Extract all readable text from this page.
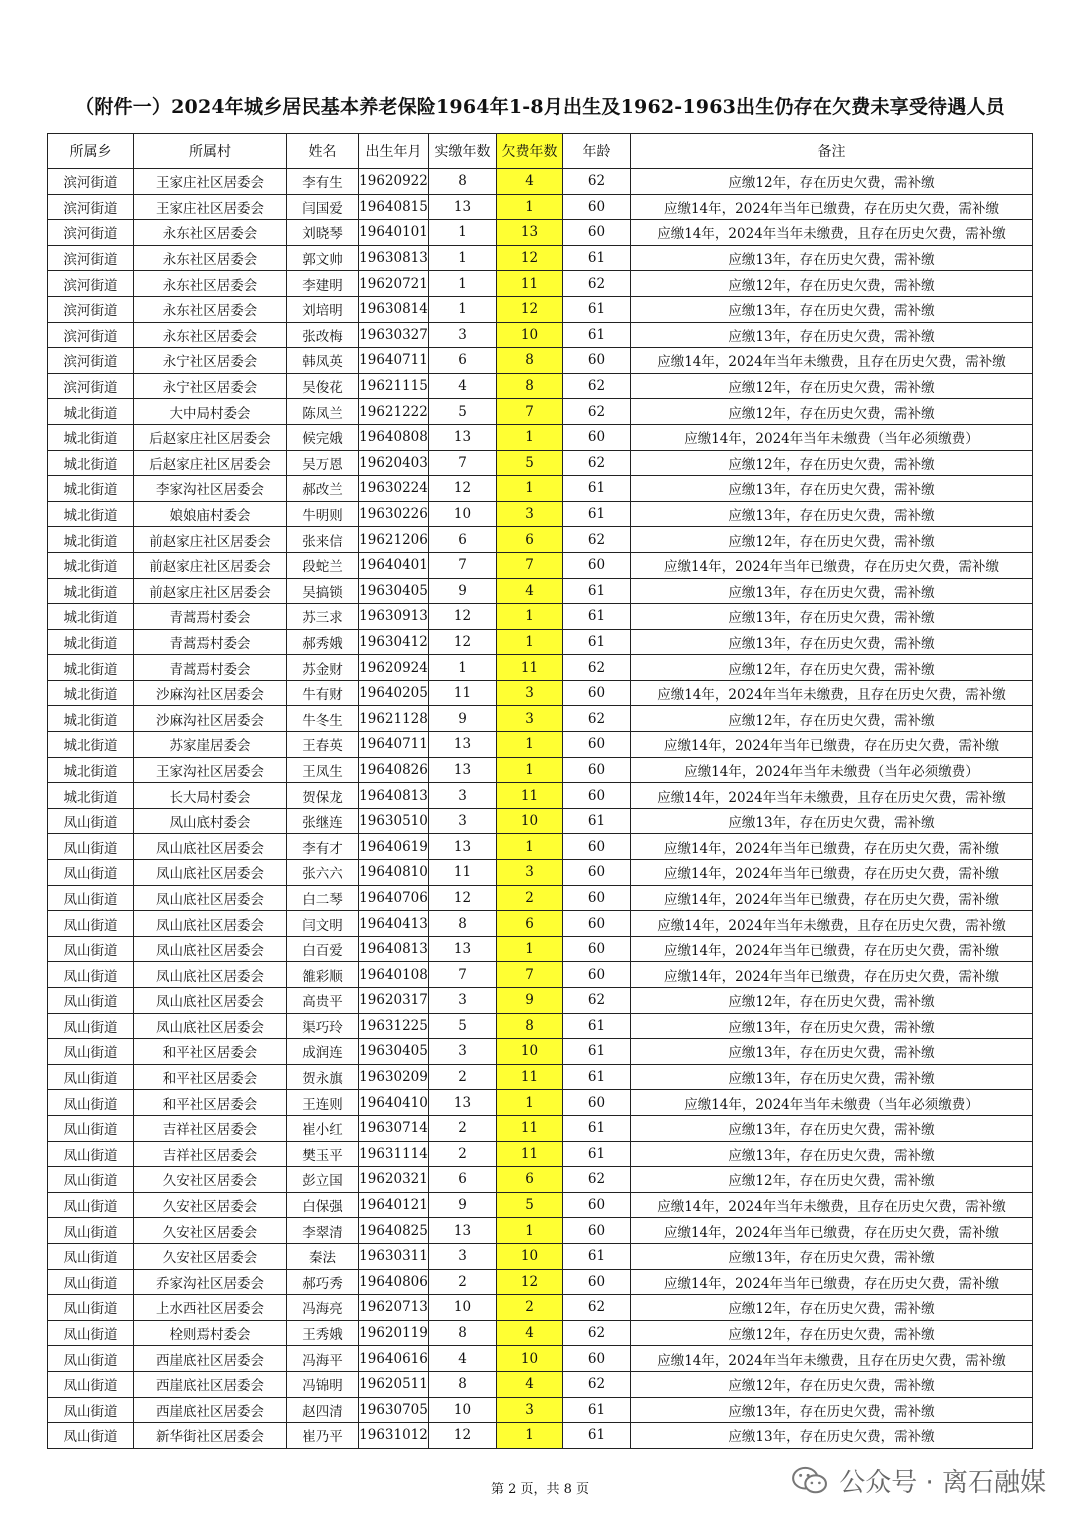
（附件一）2024年城乡居民基本养老保险1964年1-8月出生及1962-1963出生仍存在欠费未享受待遇人员
所属乡	所属村	姓名	出生年月	实缴年数	欠费年数	年龄	备注
滨河街道	王家庄社区居委会	李有生	19620922	8	4	62	应缴12年，存在历史欠费，需补缴
滨河街道	王家庄社区居委会	闫国爱	19640815	13	1	60	应缴14年，2024年当年已缴费，存在历史欠费，需补缴
滨河街道	永东社区居委会	刘晓琴	19640101	1	13	60	应缴14年，2024年当年未缴费，且存在历史欠费，需补缴
滨河街道	永东社区居委会	郭文帅	19630813	1	12	61	应缴13年，存在历史欠费，需补缴
滨河街道	永东社区居委会	李建明	19620721	1	11	62	应缴12年，存在历史欠费，需补缴
滨河街道	永东社区居委会	刘培明	19630814	1	12	61	应缴13年，存在历史欠费，需补缴
滨河街道	永东社区居委会	张改梅	19630327	3	10	61	应缴13年，存在历史欠费，需补缴
滨河街道	永宁社区居委会	韩凤英	19640711	6	8	60	应缴14年，2024年当年未缴费，且存在历史欠费，需补缴
滨河街道	永宁社区居委会	吴俊花	19621115	4	8	62	应缴12年，存在历史欠费，需补缴
城北街道	大中局村委会	陈凤兰	19621222	5	7	62	应缴12年，存在历史欠费，需补缴
城北街道	后赵家庄社区居委会	候完娥	19640808	13	1	60	应缴14年，2024年当年未缴费（当年必须缴费）
城北街道	后赵家庄社区居委会	吴万恩	19620403	7	5	62	应缴12年，存在历史欠费，需补缴
城北街道	李家沟社区居委会	郝改兰	19630224	12	1	61	应缴13年，存在历史欠费，需补缴
城北街道	娘娘庙村委会	牛明则	19630226	10	3	61	应缴13年，存在历史欠费，需补缴
城北街道	前赵家庄社区居委会	张来信	19621206	6	6	62	应缴12年，存在历史欠费，需补缴
城北街道	前赵家庄社区居委会	段蛇兰	19640401	7	7	60	应缴14年，2024年当年已缴费，存在历史欠费，需补缴
城北街道	前赵家庄社区居委会	吴搞锁	19630405	9	4	61	应缴13年，存在历史欠费，需补缴
城北街道	青蒿焉村委会	苏三求	19630913	12	1	61	应缴13年，存在历史欠费，需补缴
城北街道	青蒿焉村委会	郝秀娥	19630412	12	1	61	应缴13年，存在历史欠费，需补缴
城北街道	青蒿焉村委会	苏金财	19620924	1	11	62	应缴12年，存在历史欠费，需补缴
城北街道	沙麻沟社区居委会	牛有财	19640205	11	3	60	应缴14年，2024年当年未缴费，且存在历史欠费，需补缴
城北街道	沙麻沟社区居委会	牛冬生	19621128	9	3	62	应缴12年，存在历史欠费，需补缴
城北街道	苏家崖居委会	王春英	19640711	13	1	60	应缴14年，2024年当年已缴费，存在历史欠费，需补缴
城北街道	王家沟社区居委会	王凤生	19640826	13	1	60	应缴14年，2024年当年未缴费（当年必须缴费）
城北街道	长大局村委会	贺保龙	19640813	3	11	60	应缴14年，2024年当年未缴费，且存在历史欠费，需补缴
凤山街道	凤山底村委会	张继连	19630510	3	10	61	应缴13年，存在历史欠费，需补缴
凤山街道	凤山底社区居委会	李有才	19640619	13	1	60	应缴14年，2024年当年已缴费，存在历史欠费，需补缴
凤山街道	凤山底社区居委会	张六六	19640810	11	3	60	应缴14年，2024年当年已缴费，存在历史欠费，需补缴
凤山街道	凤山底社区居委会	白二琴	19640706	12	2	60	应缴14年，2024年当年已缴费，存在历史欠费，需补缴
凤山街道	凤山底社区居委会	闫文明	19640413	8	6	60	应缴14年，2024年当年未缴费，且存在历史欠费，需补缴
凤山街道	凤山底社区居委会	白百爱	19640813	13	1	60	应缴14年，2024年当年已缴费，存在历史欠费，需补缴
凤山街道	凤山底社区居委会	雒彩顺	19640108	7	7	60	应缴14年，2024年当年已缴费，存在历史欠费，需补缴
凤山街道	凤山底社区居委会	高贵平	19620317	3	9	62	应缴12年，存在历史欠费，需补缴
凤山街道	凤山底社区居委会	渠巧玲	19631225	5	8	61	应缴13年，存在历史欠费，需补缴
凤山街道	和平社区居委会	成润连	19630405	3	10	61	应缴13年，存在历史欠费，需补缴
凤山街道	和平社区居委会	贺永旗	19630209	2	11	61	应缴13年，存在历史欠费，需补缴
凤山街道	和平社区居委会	王连则	19640410	13	1	60	应缴14年，2024年当年未缴费（当年必须缴费）
凤山街道	吉祥社区居委会	崔小红	19630714	2	11	61	应缴13年，存在历史欠费，需补缴
凤山街道	吉祥社区居委会	樊玉平	19631114	2	11	61	应缴13年，存在历史欠费，需补缴
凤山街道	久安社区居委会	彭立国	19620321	6	6	62	应缴12年，存在历史欠费，需补缴
凤山街道	久安社区居委会	白保强	19640121	9	5	60	应缴14年，2024年当年未缴费，且存在历史欠费，需补缴
凤山街道	久安社区居委会	李翠清	19640825	13	1	60	应缴14年，2024年当年已缴费，存在历史欠费，需补缴
凤山街道	久安社区居委会	秦法	19630311	3	10	61	应缴13年，存在历史欠费，需补缴
凤山街道	乔家沟社区居委会	郝巧秀	19640806	2	12	60	应缴14年，2024年当年已缴费，存在历史欠费，需补缴
凤山街道	上水西社区居委会	冯海亮	19620713	10	2	62	应缴12年，存在历史欠费，需补缴
凤山街道	栓则焉村委会	王秀娥	19620119	8	4	62	应缴12年，存在历史欠费，需补缴
凤山街道	西崖底社区居委会	冯海平	19640616	4	10	60	应缴14年，2024年当年未缴费，且存在历史欠费，需补缴
凤山街道	西崖底社区居委会	冯锦明	19620511	8	4	62	应缴12年，存在历史欠费，需补缴
凤山街道	西崖底社区居委会	赵四清	19630705	10	3	61	应缴13年，存在历史欠费，需补缴
凤山街道	新华街社区居委会	崔乃平	19631012	12	1	61	应缴13年，存在历史欠费，需补缴
第 2 页，共 8 页	公众号 · 离石融媒
